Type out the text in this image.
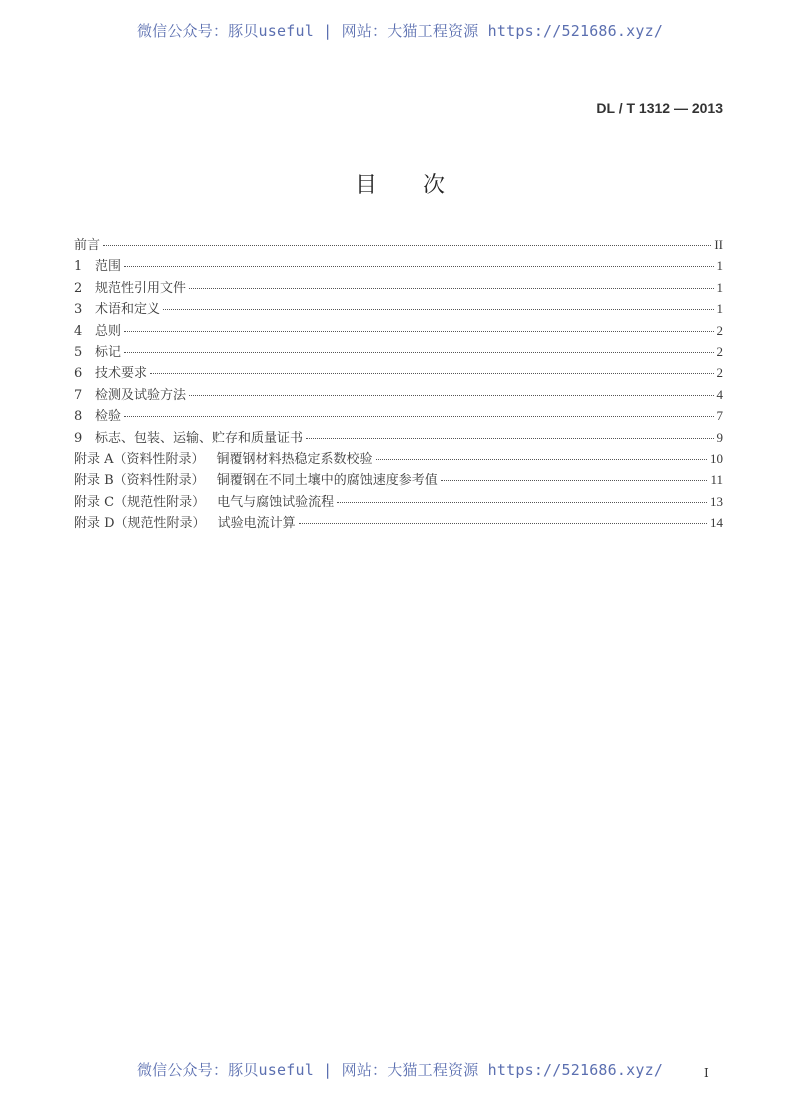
微信公众号：豚贝useful | 网站：大猫工程资源 https://521686.xyz/
DL / T 1312 — 2013
目次
前言	II
1 范围	1
2 规范性引用文件	1
3 术语和定义	1
4 总则	2
5 标记	2
6 技术要求	2
7 检测及试验方法	4
8 检验	7
9 标志、包装、运输、贮存和质量证书	9
附录 A（资料性附录） 铜覆钢材料热稳定系数校验	10
附录 B（资料性附录） 铜覆钢在不同土壤中的腐蚀速度参考值	11
附录 C（规范性附录） 电气与腐蚀试验流程	13
附录 D（规范性附录） 试验电流计算	14
微信公众号：豚贝useful | 网站：大猫工程资源 https://521686.xyz/	I
